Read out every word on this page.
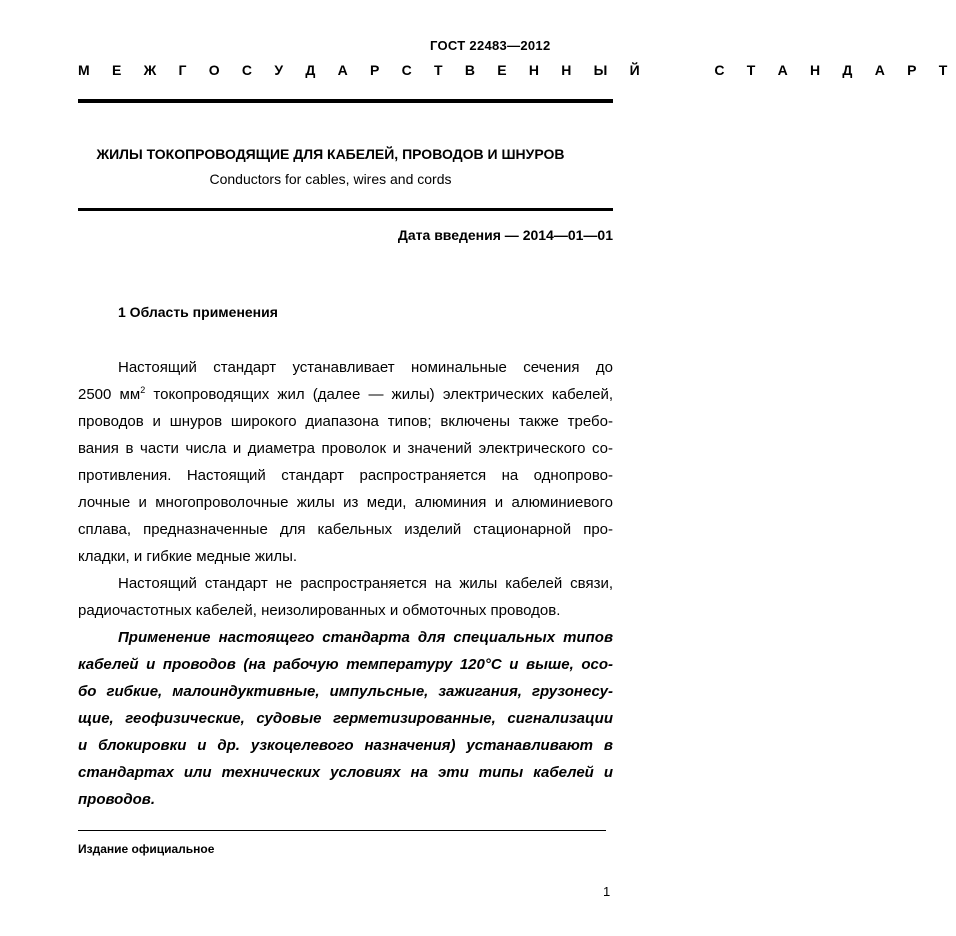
ГОСТ 22483—2012
М Е Ж Г О С У Д А Р С Т В Е Н Н Ы Й     С Т А Н Д А Р Т
ЖИЛЫ ТОКОПРОВОДЯЩИЕ ДЛЯ КАБЕЛЕЙ, ПРОВОДОВ И ШНУРОВ
Conductors for cables, wires and cords
Дата введения — 2014—01—01
1 Область применения
Настоящий стандарт устанавливает номинальные сечения до
2500 $мм^2$ токопроводящих жил (далее — жилы) электрических кабелей,
проводов и шнуров широкого диапазона типов; включены также требо-
вания в части числа и диаметра проволок и значений электрического со-
противления. Настоящий стандарт распространяется на однопрово-
лочные и многопроволочные жилы из меди, алюминия и алюминиевого
сплава, предназначенные для кабельных изделий стационарной про-
кладки, и гибкие медные жилы.
Настоящий стандарт не распространяется на жилы кабелей связи,
радиочастотных кабелей, неизолированных и обмоточных проводов.
Применение настоящего стандарта для специальных типов
кабелей и проводов (на рабочую температуру 120°С и выше, осо-
бо гибкие, малоиндуктивные, импульсные, зажигания, грузонесу-
щие, геофизические, судовые герметизированные, сигнализации
и блокировки и др. узкоцелевого назначения) устанавливают в
стандартах или технических условиях на эти типы кабелей и
проводов.
Издание официальное
1
